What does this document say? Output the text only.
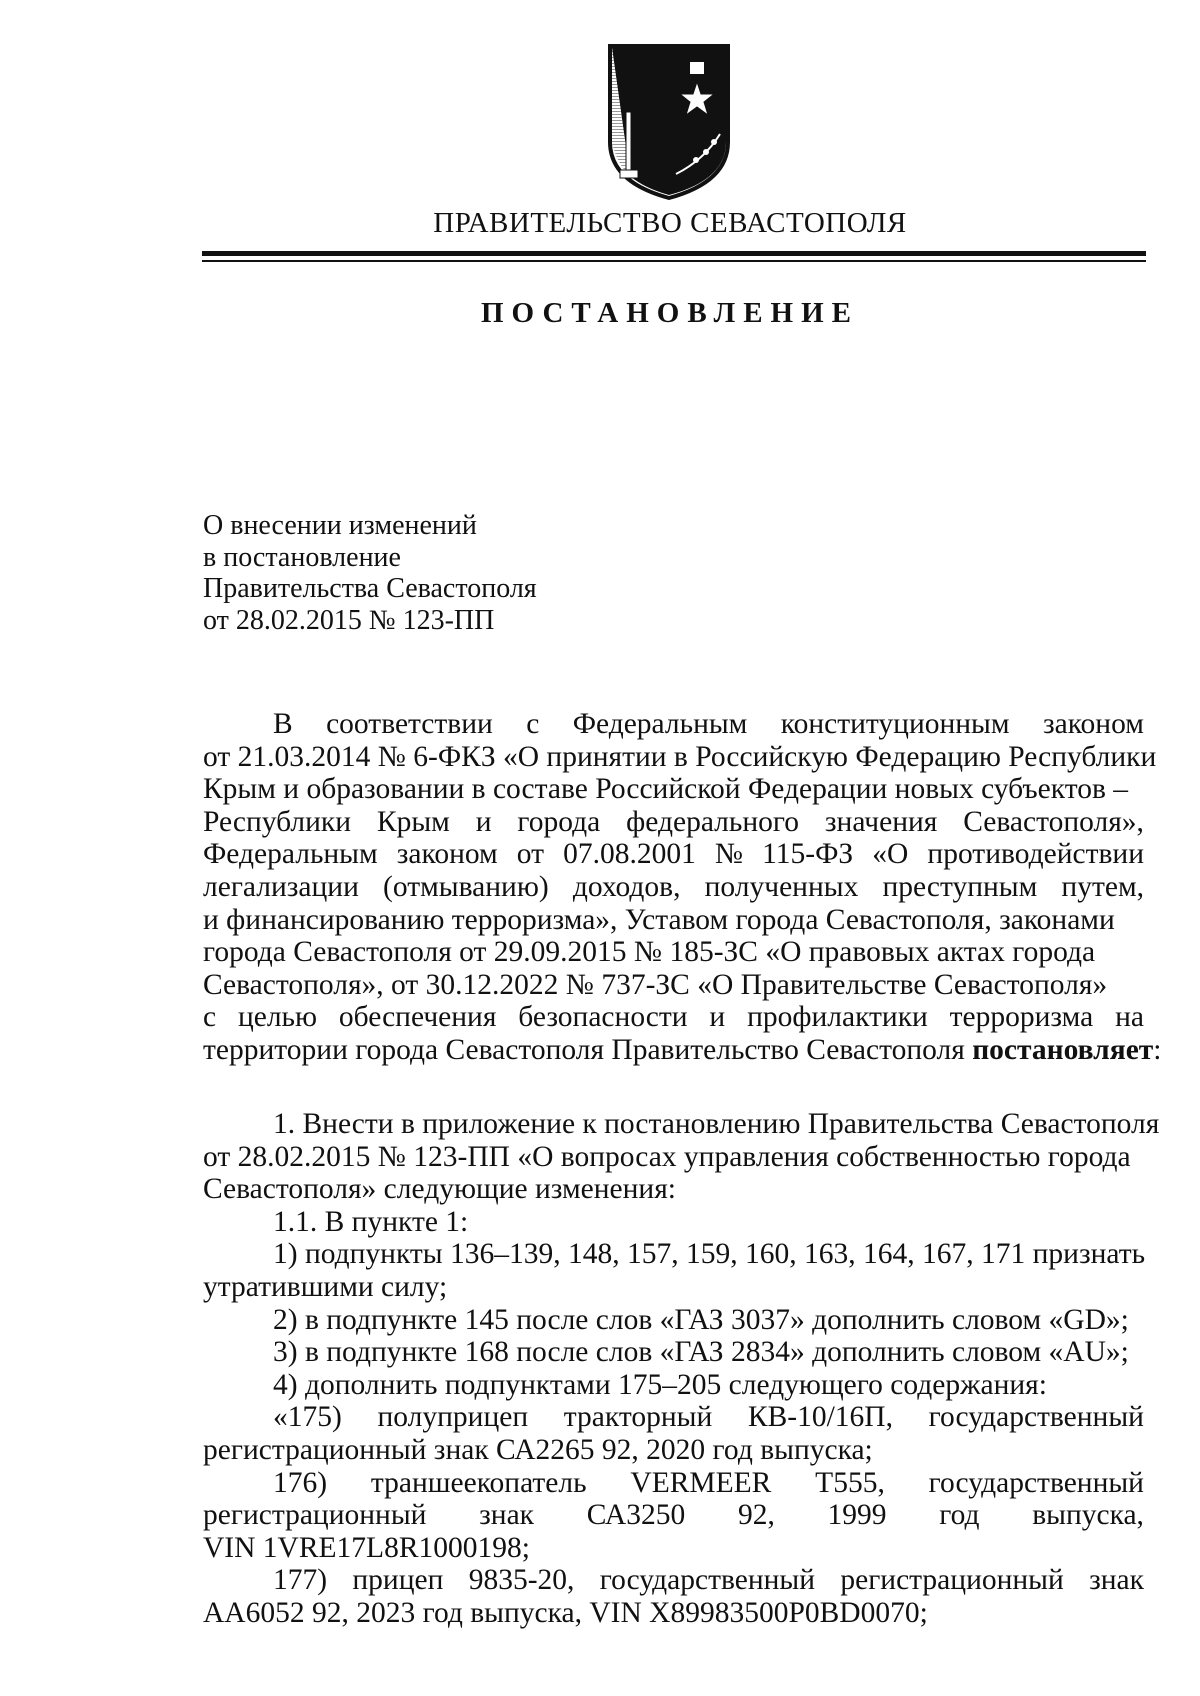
ПРАВИТЕЛЬСТВО СЕВАСТОПОЛЯ
ПОСТАНОВЛЕНИЕ
О внесении изменений
в постановление
Правительства Севастополя
от 28.02.2015 № 123-ПП
В соответствии с Федеральным конституционным законом
от 21.03.2014 № 6-ФКЗ «О принятии в Российскую Федерацию Республики
Крым и образовании в составе Российской Федерации новых субъектов –
Республики Крым и города федерального значения Севастополя»,
Федеральным законом от 07.08.2001 № 115-ФЗ «О противодействии
легализации (отмыванию) доходов, полученных преступным путем,
и финансированию терроризма», Уставом города Севастополя, законами
города Севастополя от 29.09.2015 № 185-ЗС «О правовых актах города
Севастополя», от 30.12.2022 № 737-ЗС «О Правительстве Севастополя»
с целью обеспечения безопасности и профилактики терроризма на
территории города Севастополя Правительство Севастополя постановляет :
1. Внести в приложение к постановлению Правительства Севастополя
от 28.02.2015 № 123-ПП «О вопросах управления собственностью города
Севастополя» следующие изменения:
1.1. В пункте 1:
1) подпункты 136–139, 148, 157, 159, 160, 163, 164, 167, 171 признать
утратившими силу;
2) в подпункте 145 после слов «ГАЗ 3037» дополнить словом «GD»;
3) в подпункте 168 после слов «ГАЗ 2834» дополнить словом «AU»;
4) дополнить подпунктами 175–205 следующего содержания:
«175) полуприцеп тракторный КВ-10/16П, государственный
регистрационный знак СА2265 92, 2020 год выпуска;
176) траншеекопатель VERMEER T555, государственный
регистрационный знак СА3250 92, 1999 год выпуска,
VIN 1VRE17L8R1000198;
177) прицеп 9835-20, государственный регистрационный знак
АА6052 92, 2023 год выпуска, VIN X89983500P0BD0070;
